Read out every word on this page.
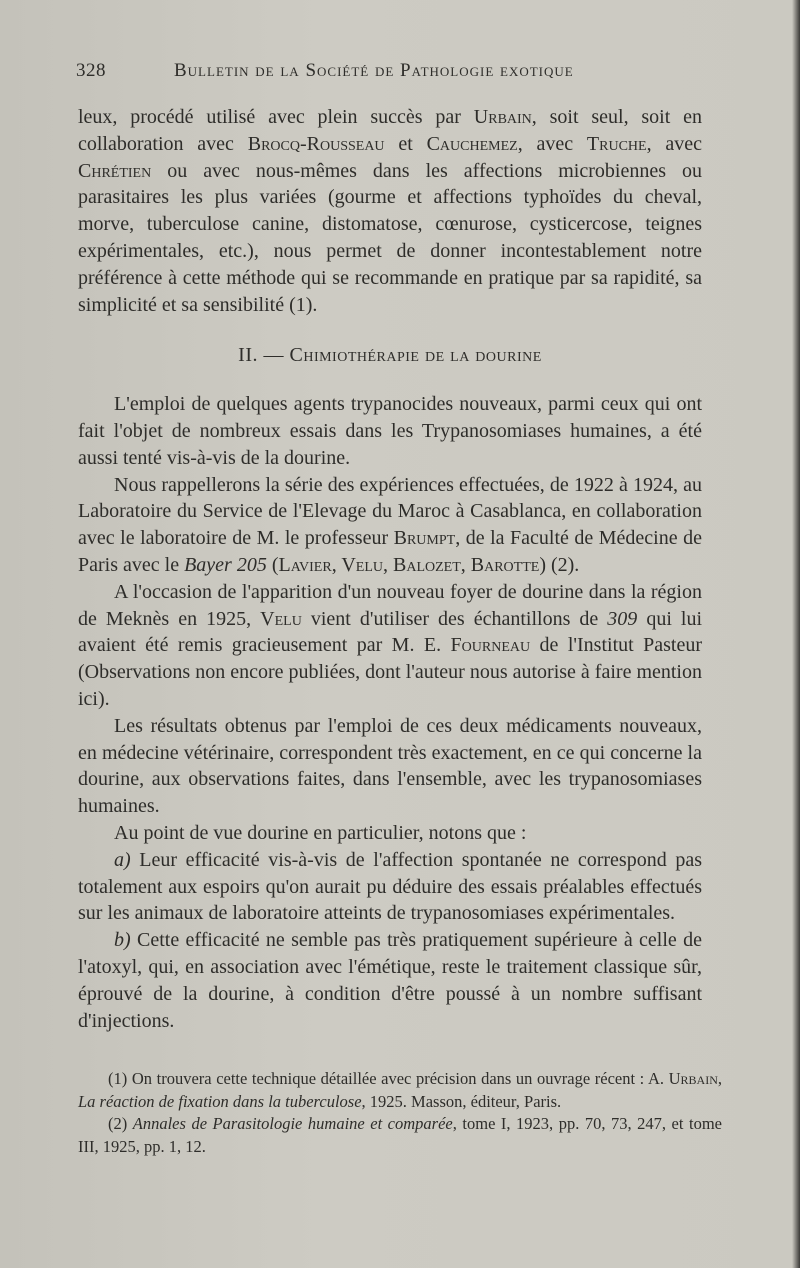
328	Bulletin de la Société de Pathologie exotique

leux, procédé utilisé avec plein succès par Urbain, soit seul, soit en collaboration avec Brocq-Rousseau et Cauchemez, avec Truche, avec Chrétien ou avec nous-mêmes dans les affections microbiennes ou parasitaires les plus variées (gourme et affections typhoïdes du cheval, morve, tuberculose canine, distomatose, cœnurose, cysticercose, teignes expérimentales, etc.), nous permet de donner incontestablement notre préférence à cette méthode qui se recommande en pratique par sa rapidité, sa simplicité et sa sensibilité (1).

II. — Chimiothérapie de la dourine

L'emploi de quelques agents trypanocides nouveaux, parmi ceux qui ont fait l'objet de nombreux essais dans les Trypanosomiases humaines, a été aussi tenté vis-à-vis de la dourine.

Nous rappellerons la série des expériences effectuées, de 1922 à 1924, au Laboratoire du Service de l'Elevage du Maroc à Casablanca, en collaboration avec le laboratoire de M. le professeur Brumpt, de la Faculté de Médecine de Paris avec le Bayer 205 (Lavier, Velu, Balozet, Barotte) (2).

A l'occasion de l'apparition d'un nouveau foyer de dourine dans la région de Meknès en 1925, Velu vient d'utiliser des échantillons de 309 qui lui avaient été remis gracieusement par M. E. Fourneau de l'Institut Pasteur (Observations non encore publiées, dont l'auteur nous autorise à faire mention ici).

Les résultats obtenus par l'emploi de ces deux médicaments nouveaux, en médecine vétérinaire, correspondent très exactement, en ce qui concerne la dourine, aux observations faites, dans l'ensemble, avec les trypanosomiases humaines.

Au point de vue dourine en particulier, notons que :

a) Leur efficacité vis-à-vis de l'affection spontanée ne correspond pas totalement aux espoirs qu'on aurait pu déduire des essais préalables effectués sur les animaux de laboratoire atteints de trypanosomiases expérimentales.

b) Cette efficacité ne semble pas très pratiquement supérieure à celle de l'atoxyl, qui, en association avec l'émétique, reste le traitement classique sûr, éprouvé de la dourine, à condition d'être poussé à un nombre suffisant d'injections.

(1) On trouvera cette technique détaillée avec précision dans un ouvrage récent : A. Urbain, La réaction de fixation dans la tuberculose, 1925. Masson, éditeur, Paris.

(2) Annales de Parasitologie humaine et comparée, tome I, 1923, pp. 70, 73, 247, et tome III, 1925, pp. 1, 12.
